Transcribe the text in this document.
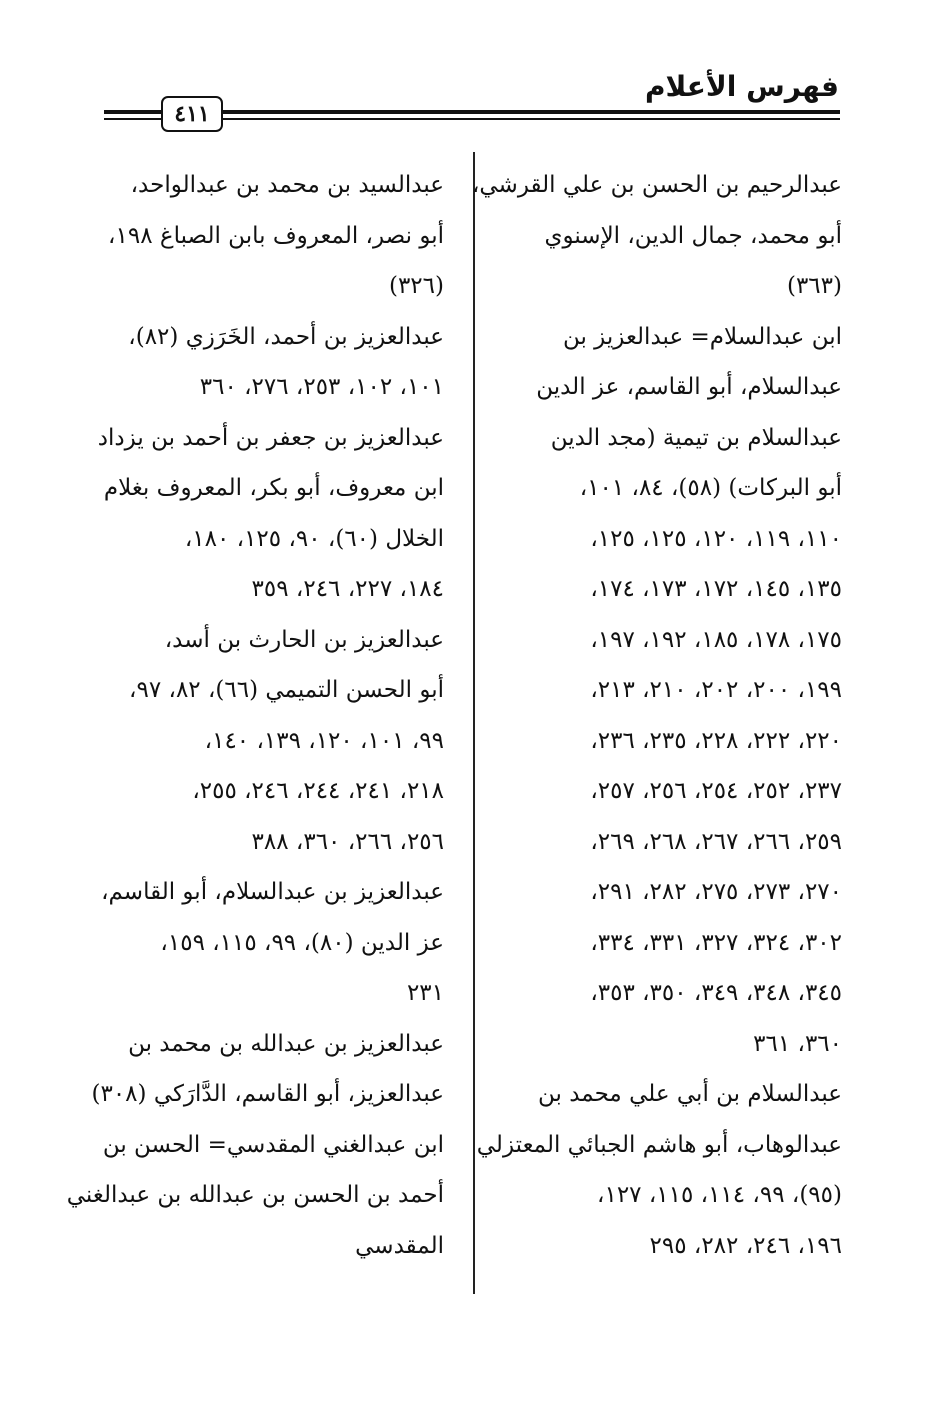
فهرس الأعلام
٤١١
عبدالرحيم بن الحسن بن علي القرشي،
أبو محمد، جمال الدين، الإسنوي
(٣٦٣)
ابن عبدالسلام= عبدالعزيز بن
عبدالسلام، أبو القاسم، عز الدين
عبدالسلام بن تيمية (مجد الدين
أبو البركات) (٥٨)، ٨٤، ١٠١،
١١٠، ١١٩، ١٢٠، ١٢٥، ١٢٥،
١٣٥، ١٤٥، ١٧٢، ١٧٣، ١٧٤،
١٧٥، ١٧٨، ١٨٥، ١٩٢، ١٩٧،
١٩٩، ٢٠٠، ٢٠٢، ٢١٠، ٢١٣،
٢٢٠، ٢٢٢، ٢٢٨، ٢٣٥، ٢٣٦،
٢٣٧، ٢٥٢، ٢٥٤، ٢٥٦، ٢٥٧،
٢٥٩، ٢٦٦، ٢٦٧، ٢٦٨، ٢٦٩،
٢٧٠، ٢٧٣، ٢٧٥، ٢٨٢، ٢٩١،
٣٠٢، ٣٢٤، ٣٢٧، ٣٣١، ٣٣٤،
٣٤٥، ٣٤٨، ٣٤٩، ٣٥٠، ٣٥٣،
٣٦٠، ٣٦١
عبدالسلام بن أبي علي محمد بن
عبدالوهاب، أبو هاشم الجبائي المعتزلي
(٩٥)، ٩٩، ١١٤، ١١٥، ١٢٧،
١٩٦، ٢٤٦، ٢٨٢، ٢٩٥
عبدالسيد بن محمد بن عبدالواحد،
أبو نصر، المعروف بابن الصباغ ١٩٨،
(٣٢٦)
عبدالعزيز بن أحمد، الخَرَزي (٨٢)،
١٠١، ١٠٢، ٢٥٣، ٢٧٦، ٣٦٠
عبدالعزيز بن جعفر بن أحمد بن يزداد
ابن معروف، أبو بكر، المعروف بغلام
الخلال (٦٠)، ٩٠، ١٢٥، ١٨٠،
١٨٤، ٢٢٧، ٢٤٦، ٣٥٩
عبدالعزيز بن الحارث بن أسد،
أبو الحسن التميمي (٦٦)، ٨٢، ٩٧،
٩٩، ١٠١، ١٢٠، ١٣٩، ١٤٠،
٢١٨، ٢٤١، ٢٤٤، ٢٤٦، ٢٥٥،
٢٥٦، ٢٦٦، ٣٦٠، ٣٨٨
عبدالعزيز بن عبدالسلام، أبو القاسم،
عز الدين (٨٠)، ٩٩، ١١٥، ١٥٩،
٢٣١
عبدالعزيز بن عبدالله بن محمد بن
عبدالعزيز، أبو القاسم، الدَّارَكي (٣٠٨)
ابن عبدالغني المقدسي= الحسن بن
أحمد بن الحسن بن عبدالله بن عبدالغني
المقدسي
